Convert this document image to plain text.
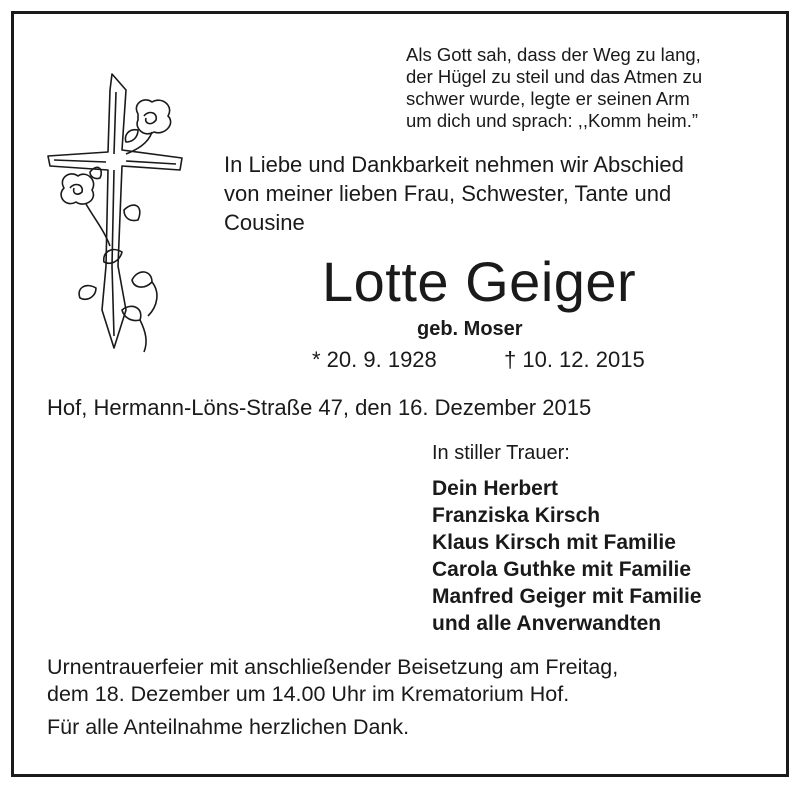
Als Gott sah, dass der Weg zu lang,
der Hügel zu steil und das Atmen zu
schwer wurde, legte er seinen Arm
um dich und sprach: ,,Komm heim.”
In Liebe und Dankbarkeit nehmen wir Abschied
von meiner lieben Frau, Schwester, Tante und
Cousine
Lotte Geiger
geb. Moser
* 20. 9. 1928	† 10. 12. 2015
Hof, Hermann-Löns-Straße 47, den 16. Dezember 2015
In stiller Trauer:
Dein Herbert
Franziska Kirsch
Klaus Kirsch mit Familie
Carola Guthke mit Familie
Manfred Geiger mit Familie
und alle Anverwandten
Urnentrauerfeier mit anschließender Beisetzung am Freitag,
dem 18. Dezember um 14.00 Uhr im Krematorium Hof.
Für alle Anteilnahme herzlichen Dank.
